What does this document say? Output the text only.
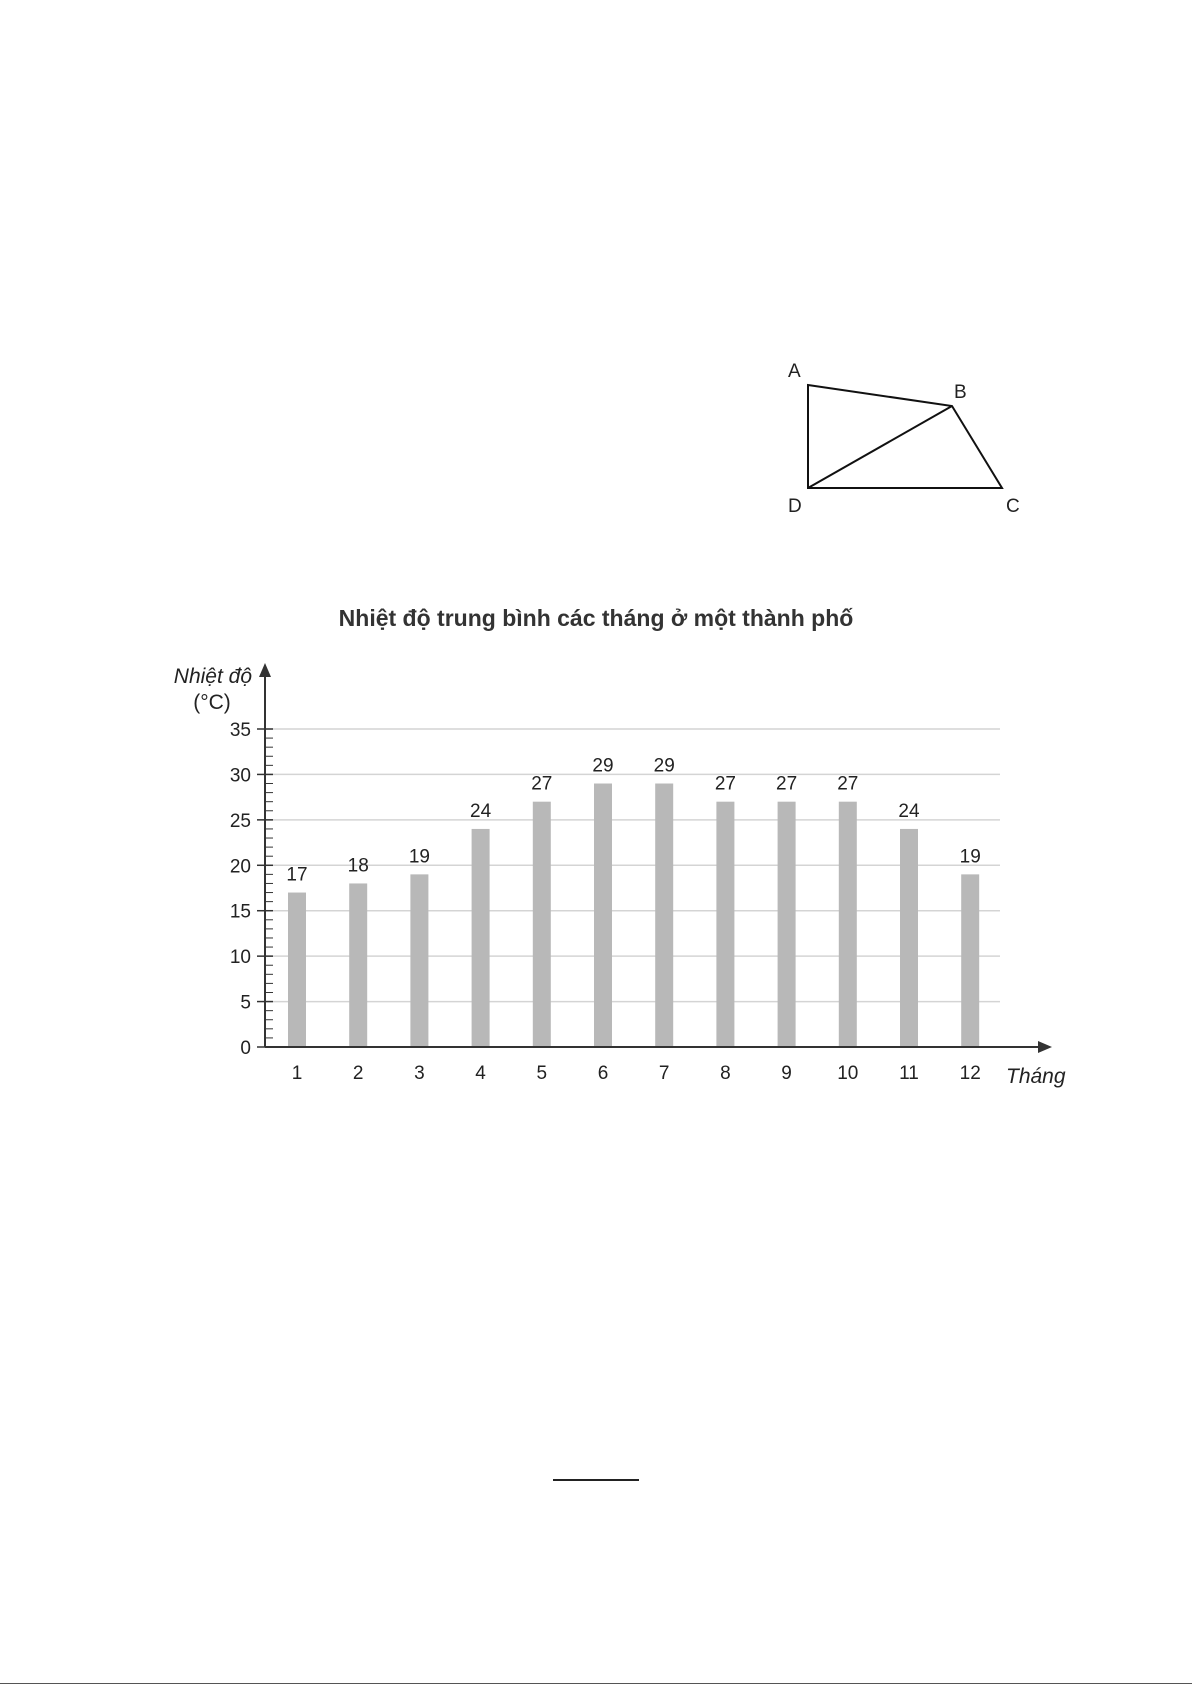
A
B
C
D
Nhiệt độ trung bình các tháng ở một thành phố
17 18 19
24
27
29 29
27 27 27
24
19
0
5
10
15
20
25
30
35
1	2	3	4	5	6	7	8	9 10 11 12
Nhiệt độ
(°C)
Tháng
